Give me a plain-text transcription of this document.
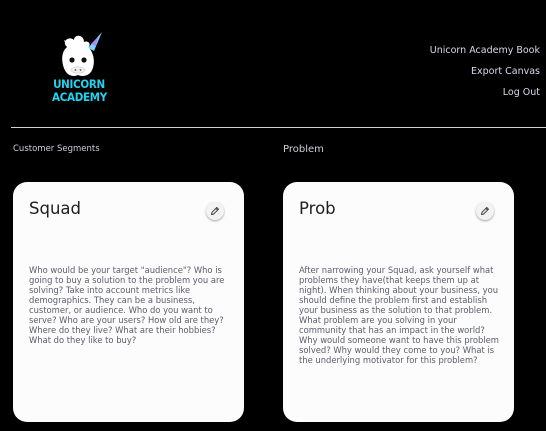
UNICORN
ACADEMY
Unicorn Academy Book
Export Canvas
Log Out
Customer Segments	Problem
Squad

Who would be your target "audience"? Who is going to buy a solution to the problem you are solving? Take into account metrics like demographics. They can be a business, customer, or audience. Who do you want to serve? Who are your users? How old are they? Where do they live? What are their hobbies? What do they like to buy?

Prob

After narrowing your Squad, ask yourself what problems they have(that keeps them up at night). When thinking about your business, you should define the problem first and establish your business as the solution to that problem. What problem are you solving in your community that has an impact in the world? Why would someone want to have this problem solved? Why would they come to you? What is the underlying motivator for this problem?
